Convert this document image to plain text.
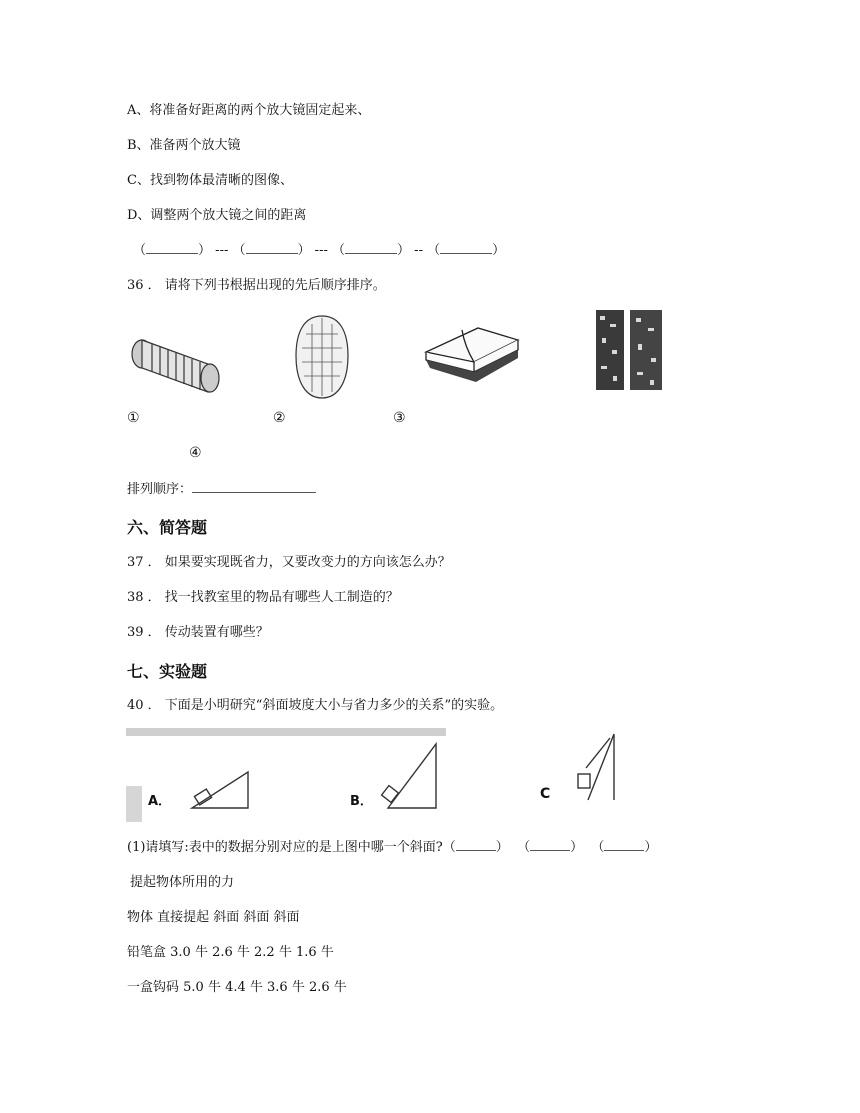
A、将准备好距离的两个放大镜固定起来、
B、准备两个放大镜
C、找到物体最清晰的图像、
D、调整两个放大镜之间的距离
（	） --- （	） --- （	） -- （	）
36 ． 请将下列书根据出现的先后顺序排序。
①	②	③
④
排列顺序：
六、简答题
37 ． 如果要实现既省力，又要改变力的方向该怎么办？
38 ． 找一找教室里的物品有哪些人工制造的？
39 ． 传动装置有哪些？
七、实验题
40 ． 下面是小明研究“斜面坡度大小与省力多少的关系”的实验。
A．	B．	C
(1)请填写:表中的数据分别对应的是上图中哪一个斜面?（	） （	） （	）
提起物体所用的力
物体 直接提起 斜面 斜面 斜面
铅笔盒 3.0 牛 2.6 牛 2.2 牛 1.6 牛
一盒钩码 5.0 牛 4.4 牛 3.6 牛 2.6 牛
